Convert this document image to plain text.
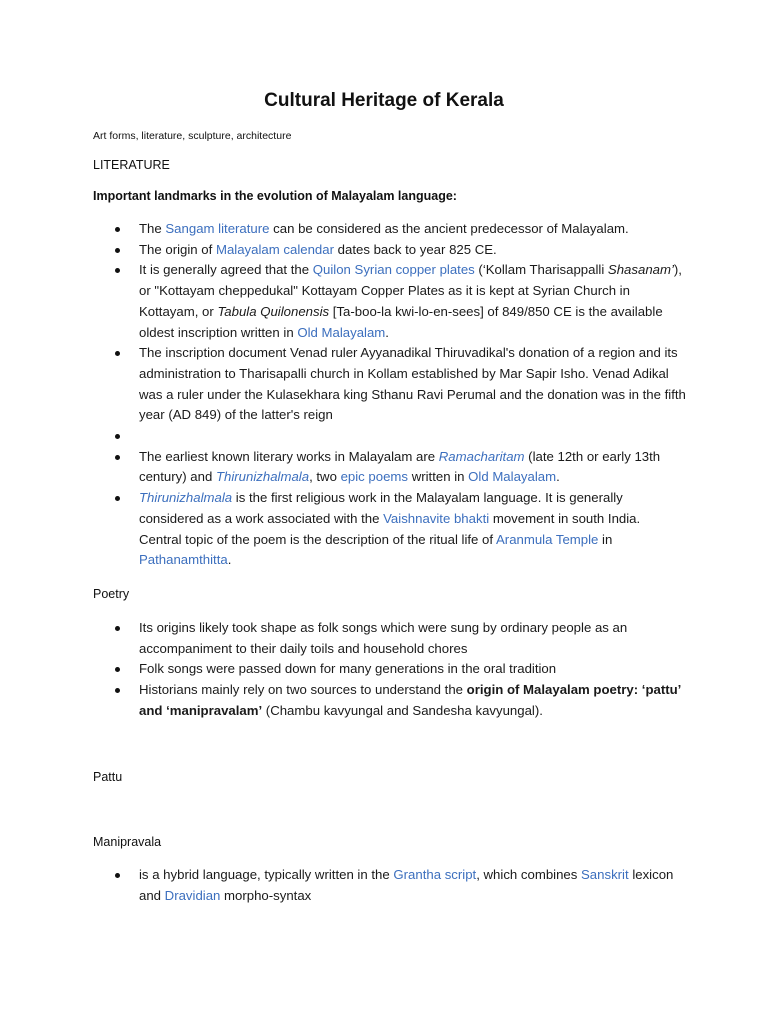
Cultural Heritage of Kerala
Art forms, literature, sculpture, architecture
LITERATURE
Important landmarks in the evolution of Malayalam language:
The Sangam literature can be considered as the ancient predecessor of Malayalam.
The origin of Malayalam calendar dates back to year 825 CE.
It is generally agreed that the Quilon Syrian copper plates (‘Kollam Tharisappalli Shasanam’), or "Kottayam cheppedukal" Kottayam Copper Plates as it is kept at Syrian Church in Kottayam, or Tabula Quilonensis [Ta-boo-la kwi-lo-en-sees] of 849/850 CE is the available oldest inscription written in Old Malayalam.
The inscription document Venad ruler Ayyanadikal Thiruvadikal's donation of a region and its administration to Tharisapalli church in Kollam established by Mar Sapir Isho. Venad Adikal was a ruler under the Kulasekhara king Sthanu Ravi Perumal and the donation was in the fifth year (AD 849) of the latter's reign

The earliest known literary works in Malayalam are Ramacharitam (late 12th or early 13th century) and Thirunizhalmala, two epic poems written in Old Malayalam.
Thirunizhalmala is the first religious work in the Malayalam language. It is generally considered as a work associated with the Vaishnavite bhakti movement in south India. Central topic of the poem is the description of the ritual life of Aranmula Temple in Pathanamthitta.
Poetry
Its origins likely took shape as folk songs which were sung by ordinary people as an accompaniment to their daily toils and household chores
Folk songs were passed down for many generations in the oral tradition
Historians mainly rely on two sources to understand the origin of Malayalam poetry: ‘pattu’ and ‘manipravalam’ (Chambu kavyungal and Sandesha kavyungal).
Pattu
Manipravala
is a hybrid language, typically written in the Grantha script, which combines Sanskrit lexicon and Dravidian morpho-syntax
